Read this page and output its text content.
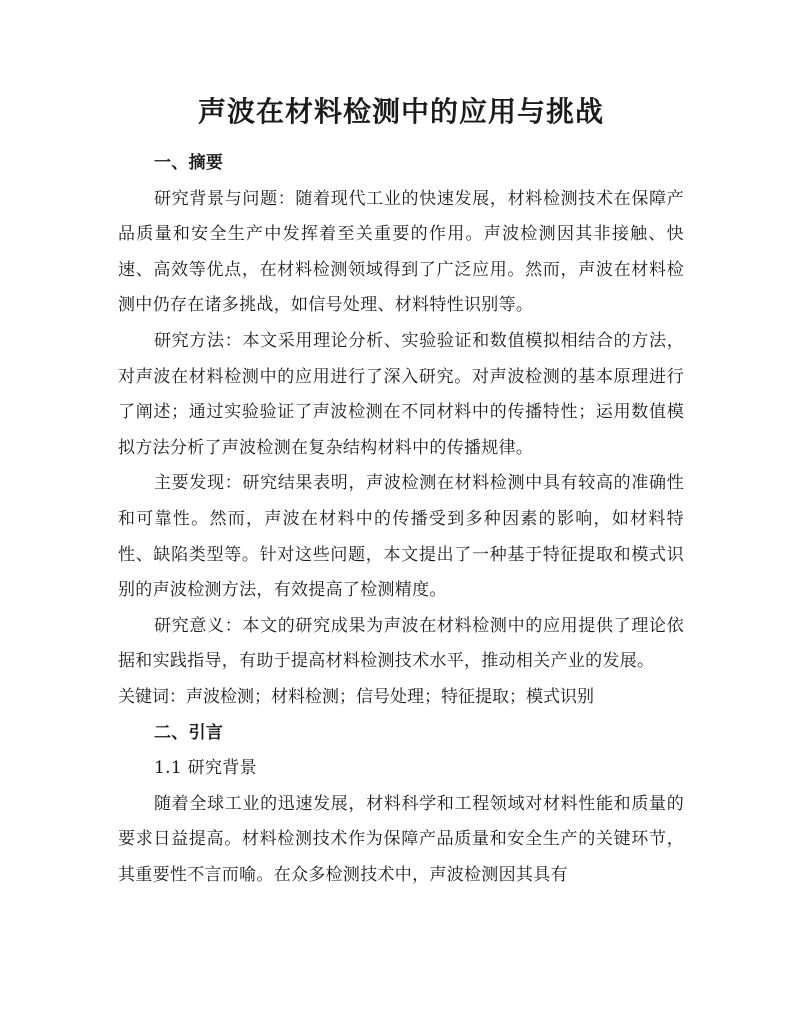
声波在材料检测中的应用与挑战

一、摘要

研究背景与问题：随着现代工业的快速发展，材料检测技术在保障产品质量和安全生产中发挥着至关重要的作用。声波检测因其非接触、快速、高效等优点，在材料检测领域得到了广泛应用。然而，声波在材料检测中仍存在诸多挑战，如信号处理、材料特性识别等。

研究方法：本文采用理论分析、实验验证和数值模拟相结合的方法，对声波在材料检测中的应用进行了深入研究。对声波检测的基本原理进行了阐述；通过实验验证了声波检测在不同材料中的传播特性；运用数值模拟方法分析了声波检测在复杂结构材料中的传播规律。

主要发现：研究结果表明，声波检测在材料检测中具有较高的准确性和可靠性。然而，声波在材料中的传播受到多种因素的影响，如材料特性、缺陷类型等。针对这些问题，本文提出了一种基于特征提取和模式识别的声波检测方法，有效提高了检测精度。

研究意义：本文的研究成果为声波在材料检测中的应用提供了理论依据和实践指导，有助于提高材料检测技术水平，推动相关产业的发展。

关键词：声波检测；材料检测；信号处理；特征提取；模式识别

二、引言

1.1 研究背景

随着全球工业的迅速发展，材料科学和工程领域对材料性能和质量的要求日益提高。材料检测技术作为保障产品质量和安全生产的关键环节，其重要性不言而喻。在众多检测技术中，声波检测因其具有
